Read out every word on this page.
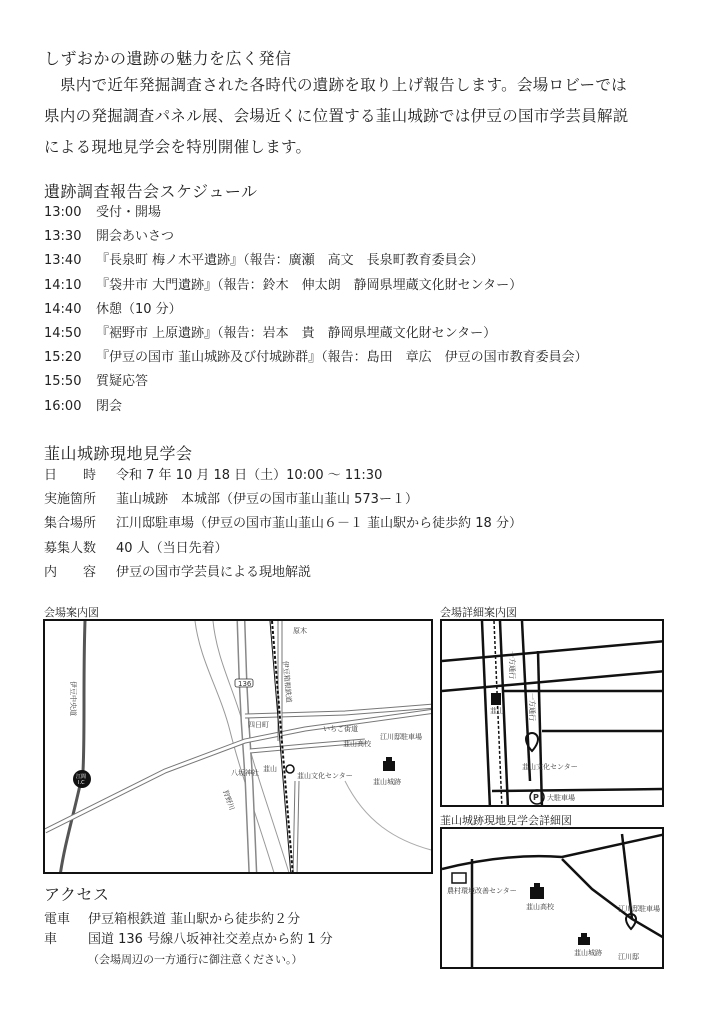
しずおかの遺跡の魅力を広く発信
県内で近年発掘調査された各時代の遺跡を取り上げ報告します。会場ロビーでは
県内の発掘調査パネル展、会場近くに位置する韮山城跡では伊豆の国市学芸員解説
による現地見学会を特別開催します。
遺跡調査報告会スケジュール
13:00	受付・開場
13:30	開会あいさつ
13:40	『長泉町 梅ノ木平遺跡』（報告：廣瀬　高文　長泉町教育委員会）
14:10	『袋井市 大門遺跡』（報告：鈴木　伸太朗　静岡県埋蔵文化財センター）
14:40	休憩（10 分）
14:50	『裾野市 上原遺跡』（報告：岩本　貴　静岡県埋蔵文化財センター）
15:20	『伊豆の国市 韮山城跡及び付城跡群』（報告：島田　章広　伊豆の国市教育委員会）
15:50	質疑応答
16:00	閉会
韮山城跡現地見学会
日　　時	令和 7 年 10 月 18 日（土）10:00 ～ 11:30
実施箇所	韮山城跡　本城部（伊豆の国市韮山韮山 573ー１）
集合場所	江川邸駐車場（伊豆の国市韮山韮山６－１ 韮山駅から徒歩約 18 分）
募集人数	40 人（当日先着）
内　　容	伊豆の国市学芸員による現地解説
会場案内図
原木
136	伊豆箱根鉄道
いちご街道
伊豆中央道
韮山高校
江川邸駐車場
四日町
韮山
八坂神社	韮山文化センター
韮山城跡
狩野川
江間
I.C
会場詳細案内図
一方通行
一方通行
韮山
韮山文化センター
P 大駐車場
韮山城跡現地見学会詳細図
農村環境改善センター
韮山高校	江川邸駐車場
韮山城跡 江川邸
アクセス
電車 伊豆箱根鉄道 韮山駅から徒歩約２分
車 国道 136 号線八坂神社交差点から約 1 分
（会場周辺の一方通行に御注意ください。）
